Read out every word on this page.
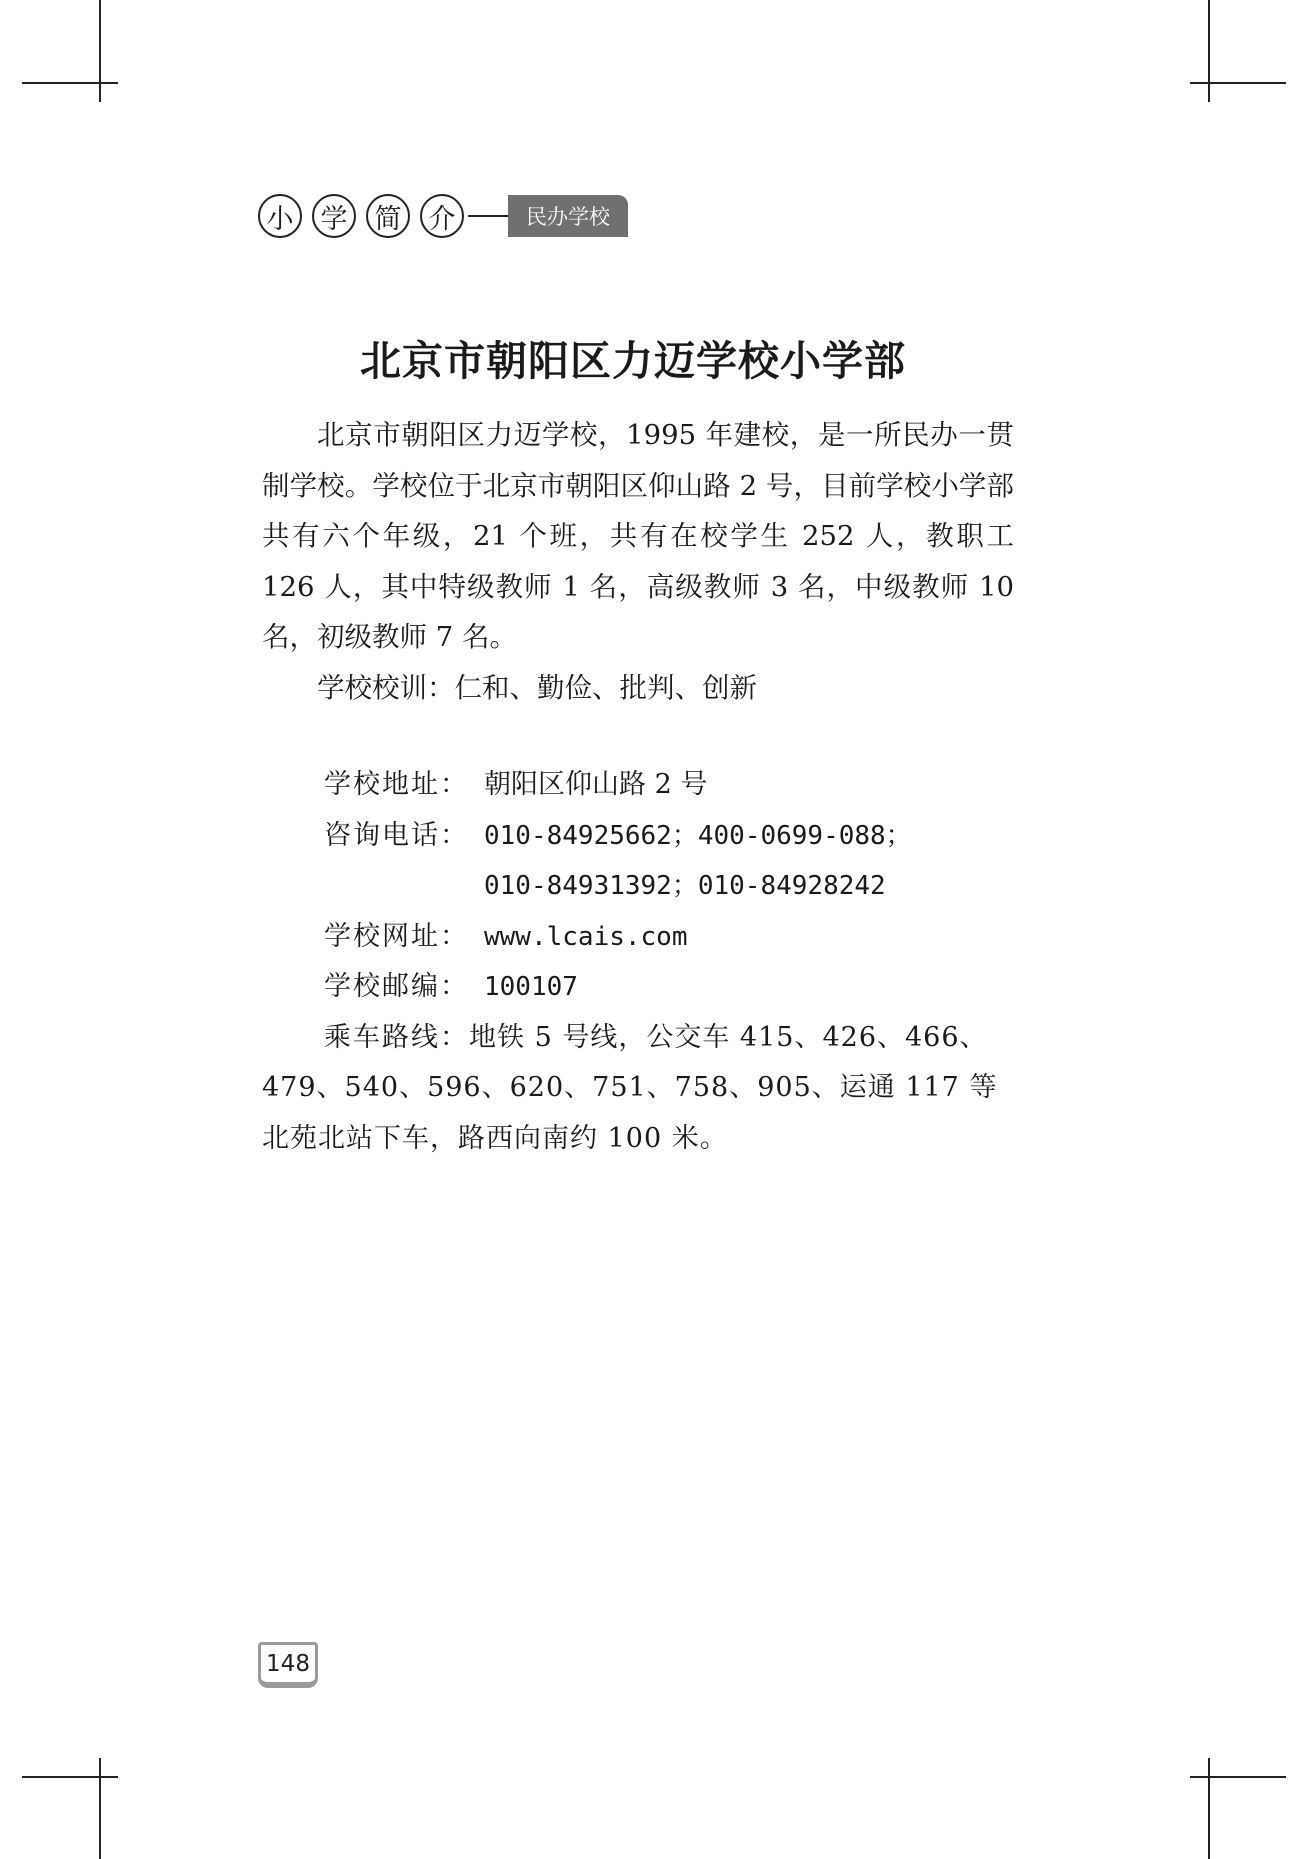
小	学	简	介	民办学校
北京市朝阳区力迈学校小学部

北京市朝阳区力迈学校，1995 年建校，是一所民办一贯制学校。学校位于北京市朝阳区仰山路 2 号，目前学校小学部共有六个年级，21 个班，共有在校学生 252 人，教职工 126 人，其中特级教师 1 名，高级教师 3 名，中级教师 10 名，初级教师 7 名。

学校校训：仁和、勤俭、批判、创新

学校地址： 朝阳区仰山路 2 号
咨询电话： 010-84925662；400-0699-088；
010-84931392；010-84928242
学校网址： www.lcais.com
学校邮编： 100107
乘车路线：地铁 5 号线，公交车 415、426、466、479、540、596、620、751、758、905、运通 117 等北苑北站下车，路西向南约 100 米。
148
